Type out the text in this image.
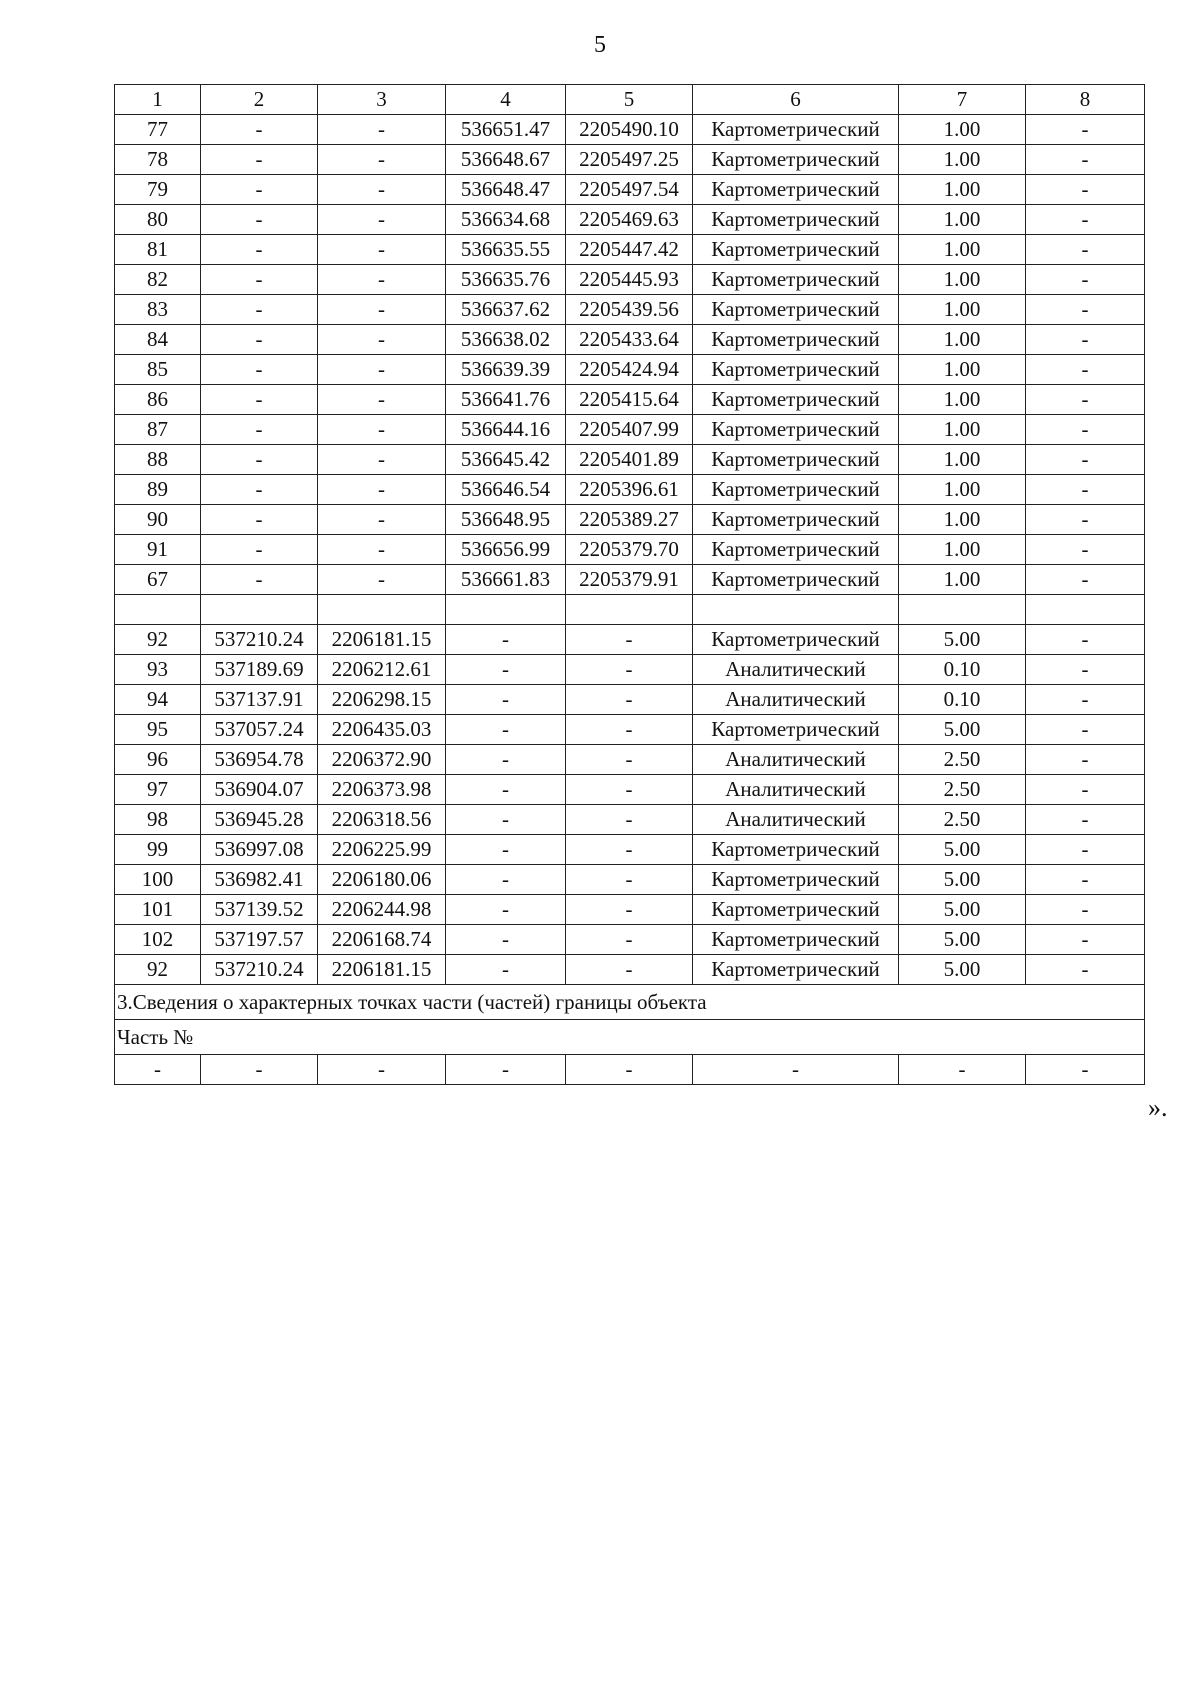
5
1	2	3	4	5	6	7	8
77	-	-	536651.47	2205490.10	Картометрический	1.00	-
78	-	-	536648.67	2205497.25	Картометрический	1.00	-
79	-	-	536648.47	2205497.54	Картометрический	1.00	-
80	-	-	536634.68	2205469.63	Картометрический	1.00	-
81	-	-	536635.55	2205447.42	Картометрический	1.00	-
82	-	-	536635.76	2205445.93	Картометрический	1.00	-
83	-	-	536637.62	2205439.56	Картометрический	1.00	-
84	-	-	536638.02	2205433.64	Картометрический	1.00	-
85	-	-	536639.39	2205424.94	Картометрический	1.00	-
86	-	-	536641.76	2205415.64	Картометрический	1.00	-
87	-	-	536644.16	2205407.99	Картометрический	1.00	-
88	-	-	536645.42	2205401.89	Картометрический	1.00	-
89	-	-	536646.54	2205396.61	Картометрический	1.00	-
90	-	-	536648.95	2205389.27	Картометрический	1.00	-
91	-	-	536656.99	2205379.70	Картометрический	1.00	-
67	-	-	536661.83	2205379.91	Картометрический	1.00	-

92	537210.24	2206181.15	-	-	Картометрический	5.00	-
93	537189.69	2206212.61	-	-	Аналитический	0.10	-
94	537137.91	2206298.15	-	-	Аналитический	0.10	-
95	537057.24	2206435.03	-	-	Картометрический	5.00	-
96	536954.78	2206372.90	-	-	Аналитический	2.50	-
97	536904.07	2206373.98	-	-	Аналитический	2.50	-
98	536945.28	2206318.56	-	-	Аналитический	2.50	-
99	536997.08	2206225.99	-	-	Картометрический	5.00	-
100	536982.41	2206180.06	-	-	Картометрический	5.00	-
101	537139.52	2206244.98	-	-	Картометрический	5.00	-
102	537197.57	2206168.74	-	-	Картометрический	5.00	-
92	537210.24	2206181.15	-	-	Картометрический	5.00	-
3.Сведения о характерных точках части (частей) границы объекта							
Часть №							
-	-	-	-	-	-	-	-
».
